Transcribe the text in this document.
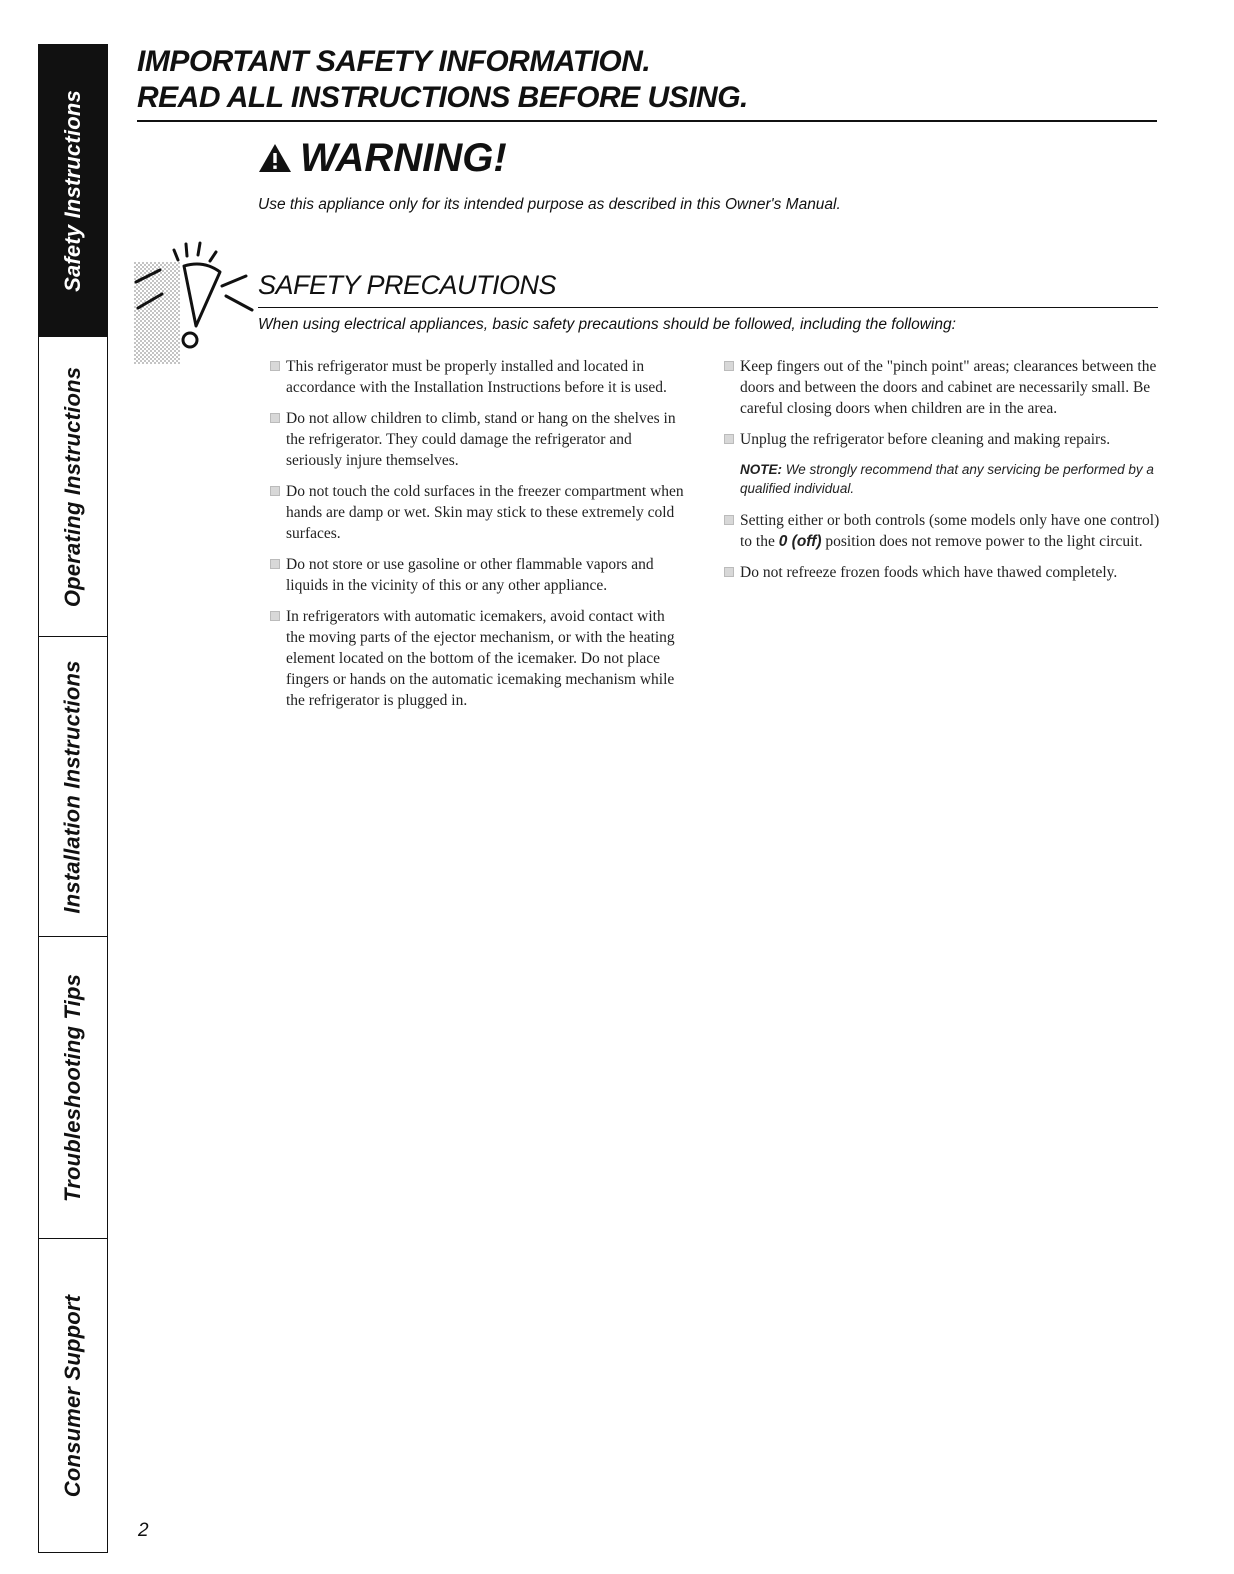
Safety Instructions
Operating Instructions
Installation Instructions
Troubleshooting Tips
Consumer Support
IMPORTANT SAFETY INFORMATION.
READ ALL INSTRUCTIONS BEFORE USING.
WARNING!
Use this appliance only for its intended purpose as described in this Owner's Manual.
SAFETY PRECAUTIONS
When using electrical appliances, basic safety precautions should be followed, including the following:
This refrigerator must be properly installed and located in accordance with the Installation Instructions before it is used.
Do not allow children to climb, stand or hang on the shelves in the refrigerator. They could damage the refrigerator and seriously injure themselves.
Do not touch the cold surfaces in the freezer compartment when hands are damp or wet. Skin may stick to these extremely cold surfaces.
Do not store or use gasoline or other flammable vapors and liquids in the vicinity of this or any other appliance.
In refrigerators with automatic icemakers, avoid contact with the moving parts of the ejector mechanism, or with the heating element located on the bottom of the icemaker. Do not place fingers or hands on the automatic icemaking mechanism while the refrigerator is plugged in.
Keep fingers out of the "pinch point" areas; clearances between the doors and between the doors and cabinet are necessarily small. Be careful closing doors when children are in the area.
Unplug the refrigerator before cleaning and making repairs.
NOTE: We strongly recommend that any servicing be performed by a qualified individual.
Setting either or both controls (some models only have one control) to the 0 (off) position does not remove power to the light circuit.
Do not refreeze frozen foods which have thawed completely.
2
